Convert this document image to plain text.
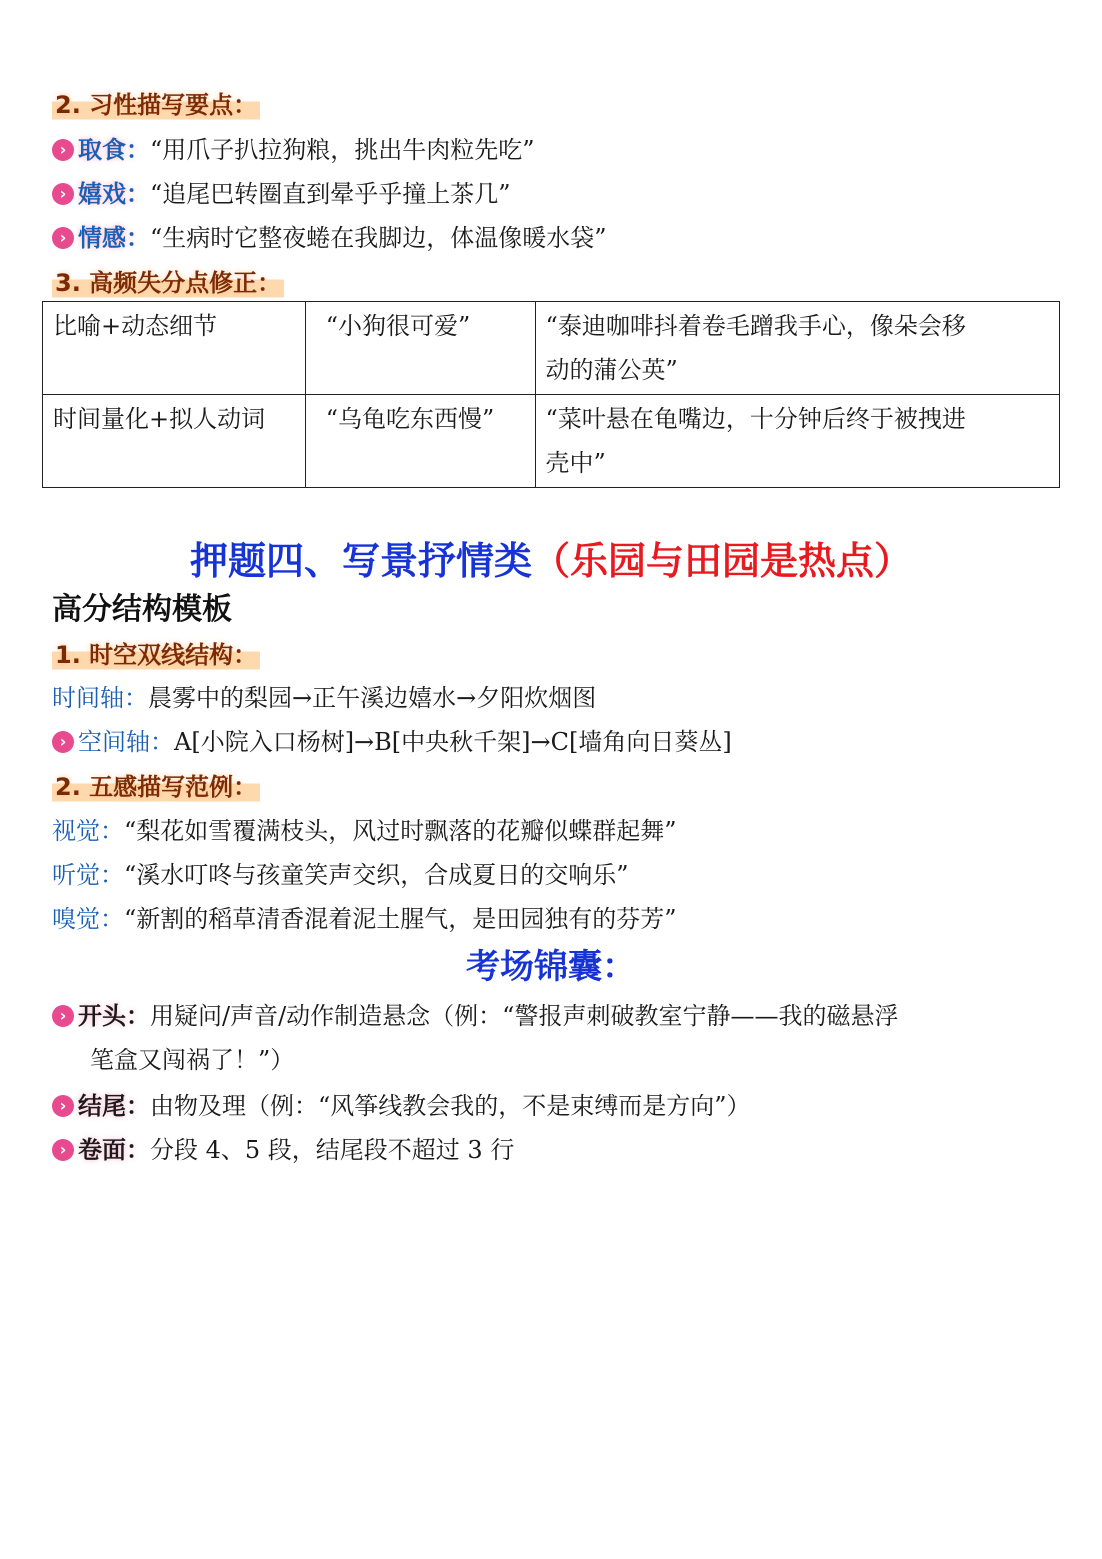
2. 习性描写要点：
› 取食： “用爪子扒拉狗粮，挑出牛肉粒先吃”
› 嬉戏： “追尾巴转圈直到晕乎乎撞上茶几”
› 情感： “生病时它整夜蜷在我脚边，体温像暖水袋”
3. 高频失分点修正：
比喻+动态细节	“小狗很可爱”	“泰迪咖啡抖着卷毛蹭我手心，像朵会移
动的蒲公英”

时间量化+拟人动词	“乌龟吃东西慢”	“菜叶悬在龟嘴边，十分钟后终于被拽进
壳中”
押题四、写景抒情类（乐园与田园是热点）
高分结构模板
1. 时空双线结构：
时间轴： 晨雾中的梨园→正午溪边嬉水→夕阳炊烟图
› 空间轴： A[小院入口杨树]→B[中央秋千架]→C[墙角向日葵丛]
2. 五感描写范例：
视觉： “梨花如雪覆满枝头，风过时飘落的花瓣似蝶群起舞”
听觉： “溪水叮咚与孩童笑声交织，合成夏日的交响乐”
嗅觉： “新割的稻草清香混着泥土腥气，是田园独有的芬芳”
考场锦囊：
› 开头： 用疑问/声音/动作制造悬念（例：“警报声刺破教室宁静——我的磁悬浮
笔盒又闯祸了！”）
› 结尾： 由物及理（例：“风筝线教会我的，不是束缚而是方向”）
› 卷面： 分段 4、5 段，结尾段不超过 3 行
